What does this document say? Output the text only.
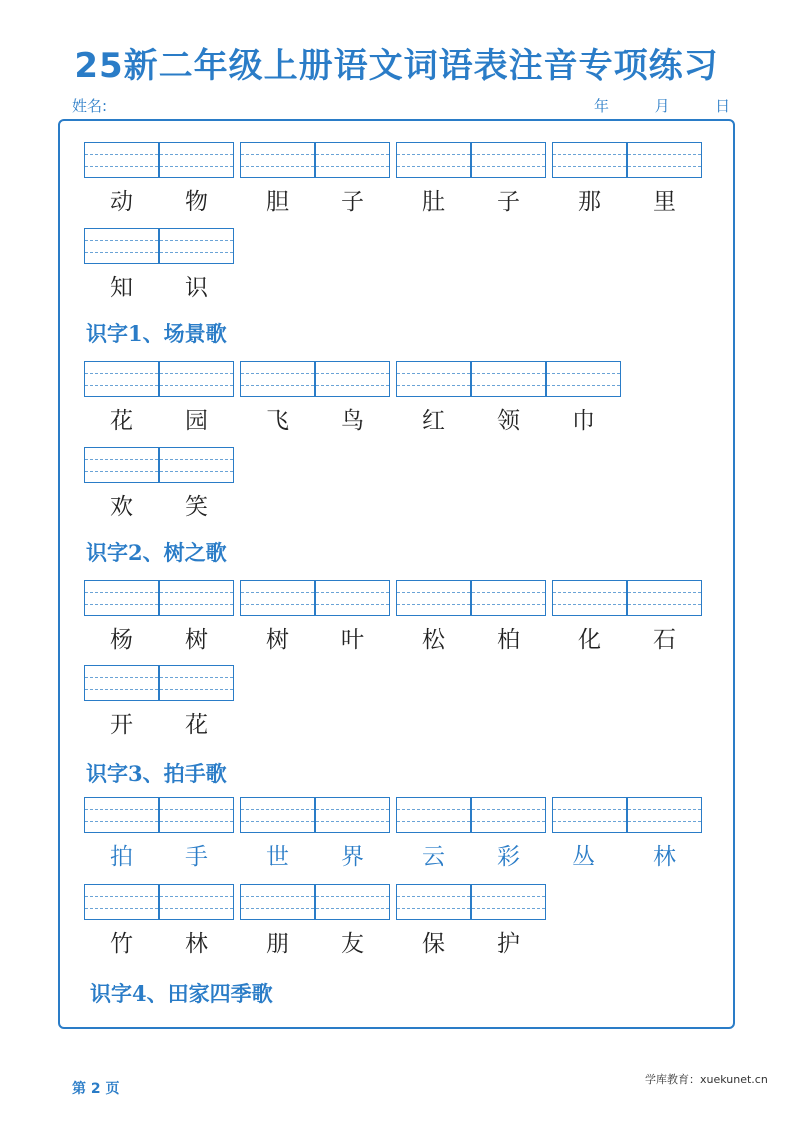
25新二年级上册语文词语表注音专项练习
姓名:	年	月	日
动	物	胆	子	肚	子	那	里
知	识
识字1、场景歌
花	园	飞	鸟	红	领	巾
欢	笑
识字2、树之歌
杨	树	树	叶	松	柏	化	石
开	花
识字3、拍手歌
拍	手	世	界	云	彩	丛	林
竹	林	朋	友	保	护
识字4、田家四季歌
第 2 页
学库教育：xuekunet.cn
